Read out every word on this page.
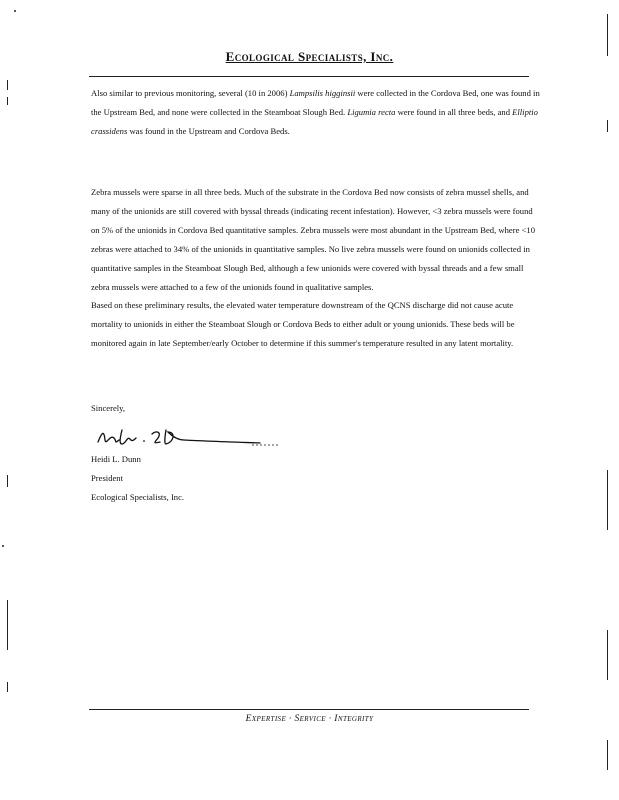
Ecological Specialists, Inc.

Also similar to previous monitoring, several (10 in 2006) Lampsilis higginsii were collected in the Cordova Bed, one was found in the Upstream Bed, and none were collected in the Steamboat Slough Bed. Ligumia recta were found in all three beds, and Elliptio crassidens was found in the Upstream and Cordova Beds.

Zebra mussels were sparse in all three beds. Much of the substrate in the Cordova Bed now consists of zebra mussel shells, and many of the unionids are still covered with byssal threads (indicating recent infestation). However, <3 zebra mussels were found on 5% of the unionids in Cordova Bed quantitative samples. Zebra mussels were most abundant in the Upstream Bed, where <10 zebras were attached to 34% of the unionids in quantitative samples. No live zebra mussels were found on unionids collected in quantitative samples in the Steamboat Slough Bed, although a few unionids were covered with byssal threads and a few small zebra mussels were attached to a few of the unionids found in qualitative samples.

Based on these preliminary results, the elevated water temperature downstream of the QCNS discharge did not cause acute mortality to unionids in either the Steamboat Slough or Cordova Beds to either adult or young unionids. These beds will be monitored again in late September/early October to determine if this summer's temperature resulted in any latent mortality.

Sincerely,
Heidi L. Dunn
President
Ecological Specialists, Inc.
Expertise · Service · Integrity
